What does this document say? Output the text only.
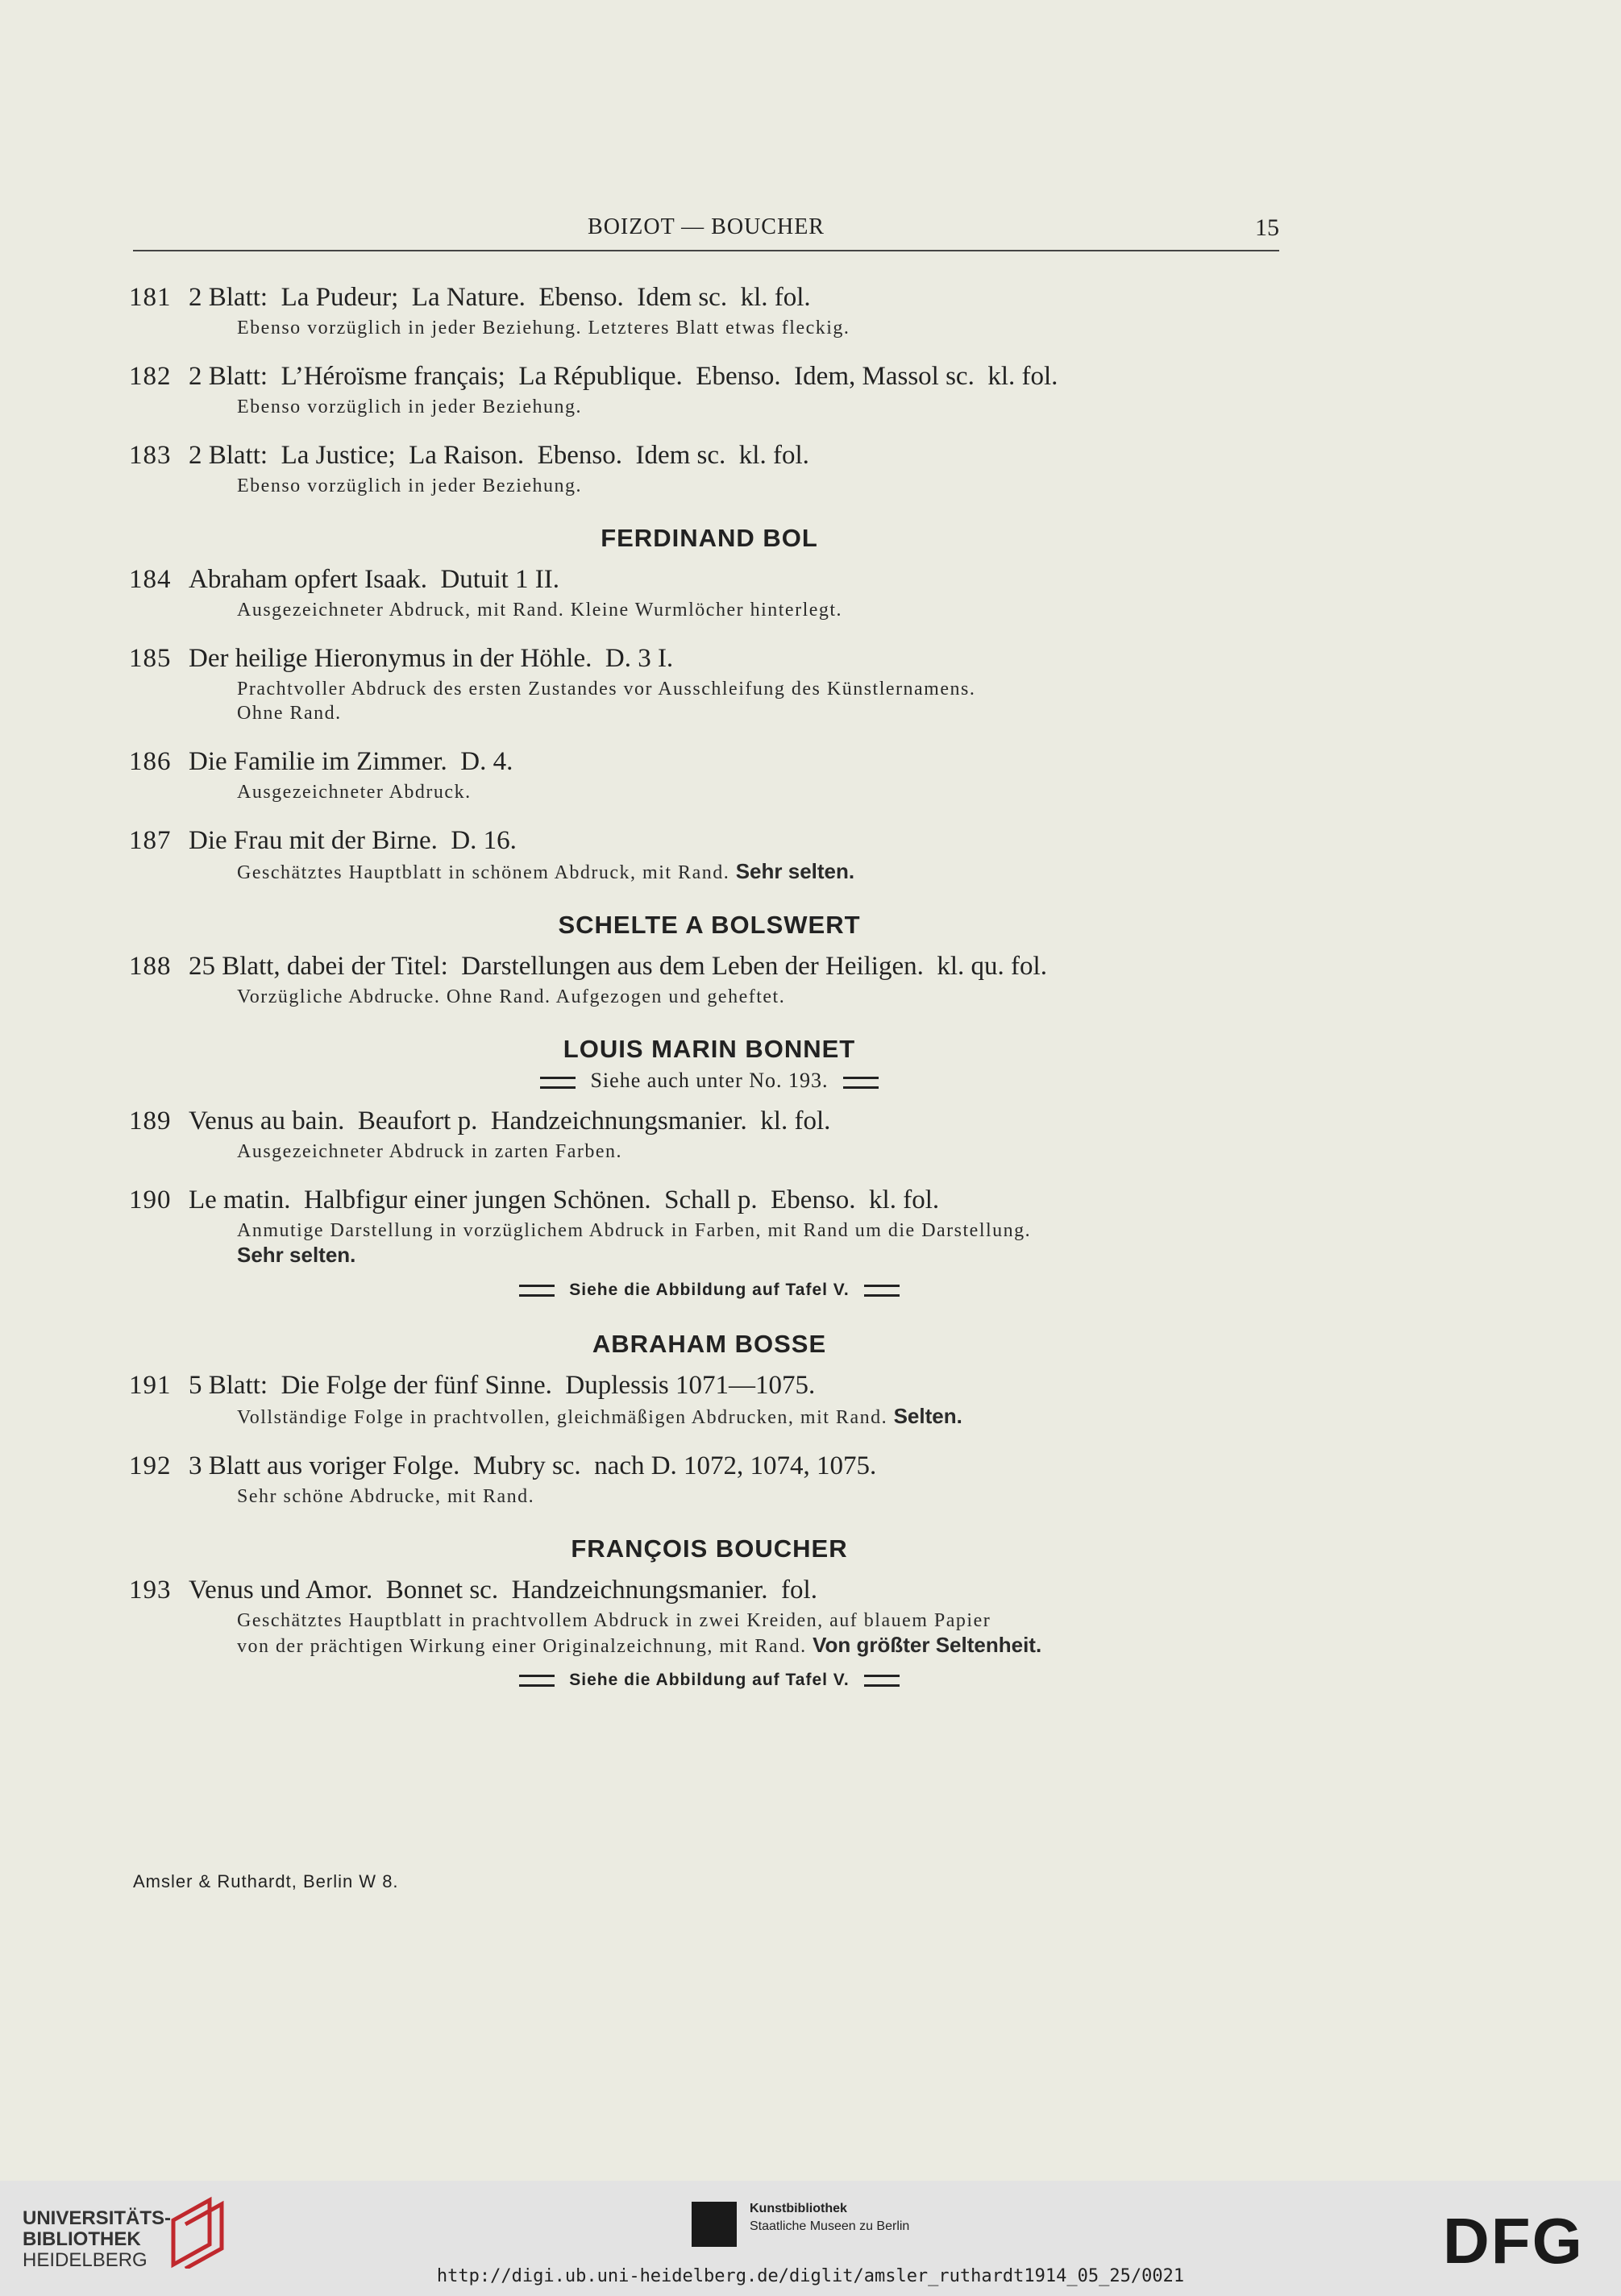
BOIZOT — BOUCHER	15
181 2 Blatt:  La Pudeur;  La Nature.  Ebenso.  Idem sc.  kl. fol.
Ebenso vorzüglich in jeder Beziehung. Letzteres Blatt etwas fleckig.
182 2 Blatt:  L’Héroïsme français;  La République.  Ebenso.  Idem, Massol sc.  kl. fol.
Ebenso vorzüglich in jeder Beziehung.
183 2 Blatt:  La Justice;  La Raison.  Ebenso.  Idem sc.  kl. fol.
Ebenso vorzüglich in jeder Beziehung.
FERDINAND BOL
184 Abraham opfert Isaak.  Dutuit 1 II.
Ausgezeichneter Abdruck, mit Rand. Kleine Wurmlöcher hinterlegt.
185 Der heilige Hieronymus in der Höhle.  D. 3 I.
Prachtvoller Abdruck des ersten Zustandes vor Ausschleifung des Künstlernamens.
Ohne Rand.
186 Die Familie im Zimmer.  D. 4.
Ausgezeichneter Abdruck.
187 Die Frau mit der Birne.  D. 16.
Geschätztes Hauptblatt in schönem Abdruck, mit Rand. Sehr selten.
SCHELTE A BOLSWERT
188 25 Blatt, dabei der Titel:  Darstellungen aus dem Leben der Heiligen.  kl. qu. fol.
Vorzügliche Abdrucke. Ohne Rand. Aufgezogen und geheftet.
LOUIS MARIN BONNET
Siehe auch unter No. 193.
189 Venus au bain.  Beaufort p.  Handzeichnungsmanier.  kl. fol.
Ausgezeichneter Abdruck in zarten Farben.
190 Le matin.  Halbfigur einer jungen Schönen.  Schall p.  Ebenso.  kl. fol.
Anmutige Darstellung in vorzüglichem Abdruck in Farben, mit Rand um die Darstellung.
Sehr selten.
Siehe die Abbildung auf Tafel V.
ABRAHAM BOSSE
191 5 Blatt:  Die Folge der fünf Sinne.  Duplessis 1071—1075.
Vollständige Folge in prachtvollen, gleichmäßigen Abdrucken, mit Rand. Selten.
192 3 Blatt aus voriger Folge.  Mubry sc.  nach D. 1072, 1074, 1075.
Sehr schöne Abdrucke, mit Rand.
FRANÇOIS BOUCHER
193 Venus und Amor.  Bonnet sc.  Handzeichnungsmanier.  fol.
Geschätztes Hauptblatt in prachtvollem Abdruck in zwei Kreiden, auf blauem Papier
von der prächtigen Wirkung einer Originalzeichnung, mit Rand. Von größter Seltenheit.
Siehe die Abbildung auf Tafel V.
Amsler & Ruthardt, Berlin W 8.
UNIVERSITÄTS-
BIBLIOTHEK
HEIDELBERG
Kunstbibliothek
Staatliche Museen zu Berlin	DFG
http://digi.ub.uni-heidelberg.de/diglit/amsler_ruthardt1914_05_25/0021
